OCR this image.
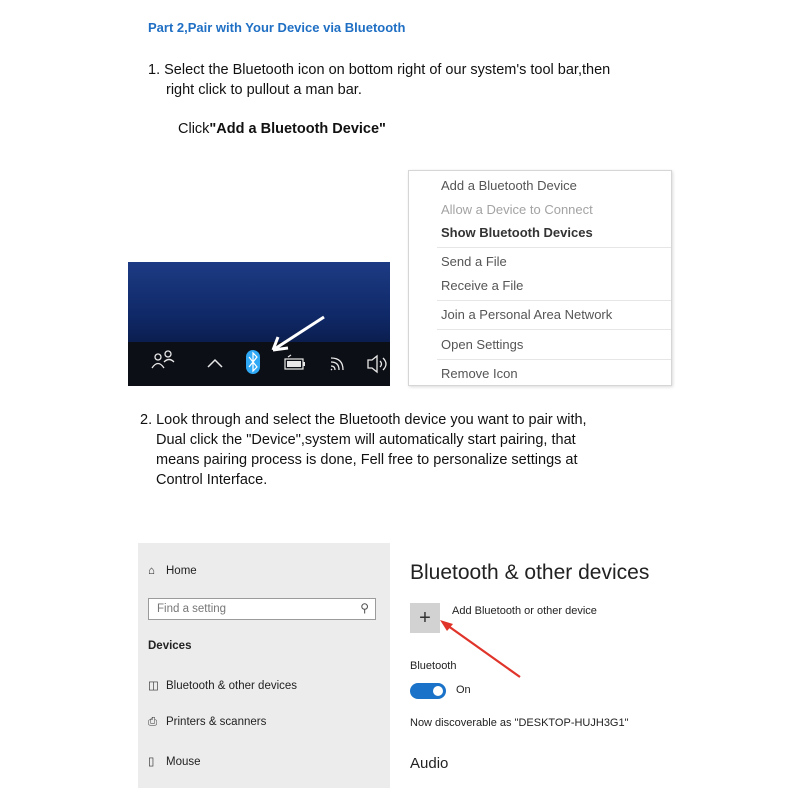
Part 2,Pair with Your Device via Bluetooth
1. Select the Bluetooth icon on bottom right of our system's tool bar,then
right click to pullout a man bar.
Click"Add a Bluetooth Device"
Add a Bluetooth Device
Allow a Device to Connect
Show Bluetooth Devices
Send a File
Receive a File
Join a Personal Area Network
Open Settings
Remove Icon
2. Look through and select the Bluetooth device you want to pair with,
Dual click the "Device",system will automatically start pairing, that
means pairing process is done, Fell free to personalize settings at
Control Interface.
⌂ Home
Find a setting	⚲
Devices
◫ Bluetooth & other devices
⎙ Printers & scanners
▯ Mouse
Bluetooth & other devices
+	Add Bluetooth or other device
Bluetooth
On
Now discoverable as "DESKTOP-HUJH3G1"
Audio
